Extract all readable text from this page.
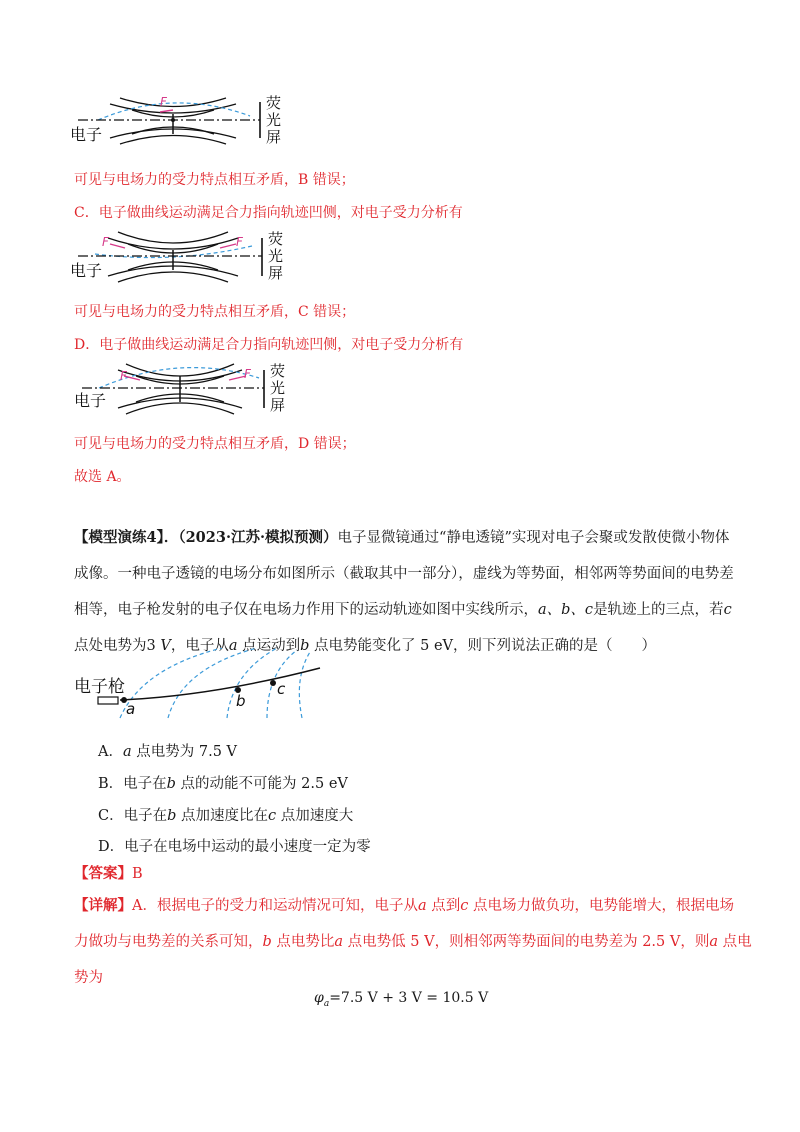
F
电子
荧
光
屏
可见与电场力的受力特点相互矛盾，B 错误；
C．电子做曲线运动满足合力指向轨迹凹侧，对电子受力分析有
F	F
电子
荧
光
屏
可见与电场力的受力特点相互矛盾，C 错误；
D．电子做曲线运动满足合力指向轨迹凹侧，对电子受力分析有
F	F
电子
荧
光
屏
可见与电场力的受力特点相互矛盾，D 错误；
故选 A。
【模型演练4】．（2023·江苏·模拟预测）电子显微镜通过“静电透镜”实现对电子会聚或发散使微小物体
成像。一种电子透镜的电场分布如图所示（截取其中一部分），虚线为等势面，相邻两等势面间的电势差
相等，电子枪发射的电子仅在电场力作用下的运动轨迹如图中实线所示，a、b、c是轨迹上的三点，若c
点处电势为3 V，电子从a 点运动到b 点电势能变化了 5 eV，则下列说法正确的是（　　）
电子枪
a	b
c
A．a 点电势为 7.5 V
B．电子在b 点的动能不可能为 2.5 eV
C．电子在b 点加速度比在c 点加速度大
D．电子在电场中运动的最小速度一定为零
【答案】B
【详解】A．根据电子的受力和运动情况可知，电子从a 点到c 点电场力做负功，电势能增大，根据电场
力做功与电势差的关系可知，b 点电势比a 点电势低 5 V，则相邻两等势面间的电势差为 2.5 V，则a 点电
势为
$\varphi_a=7.5$ V + 3 V = 10.5 V
